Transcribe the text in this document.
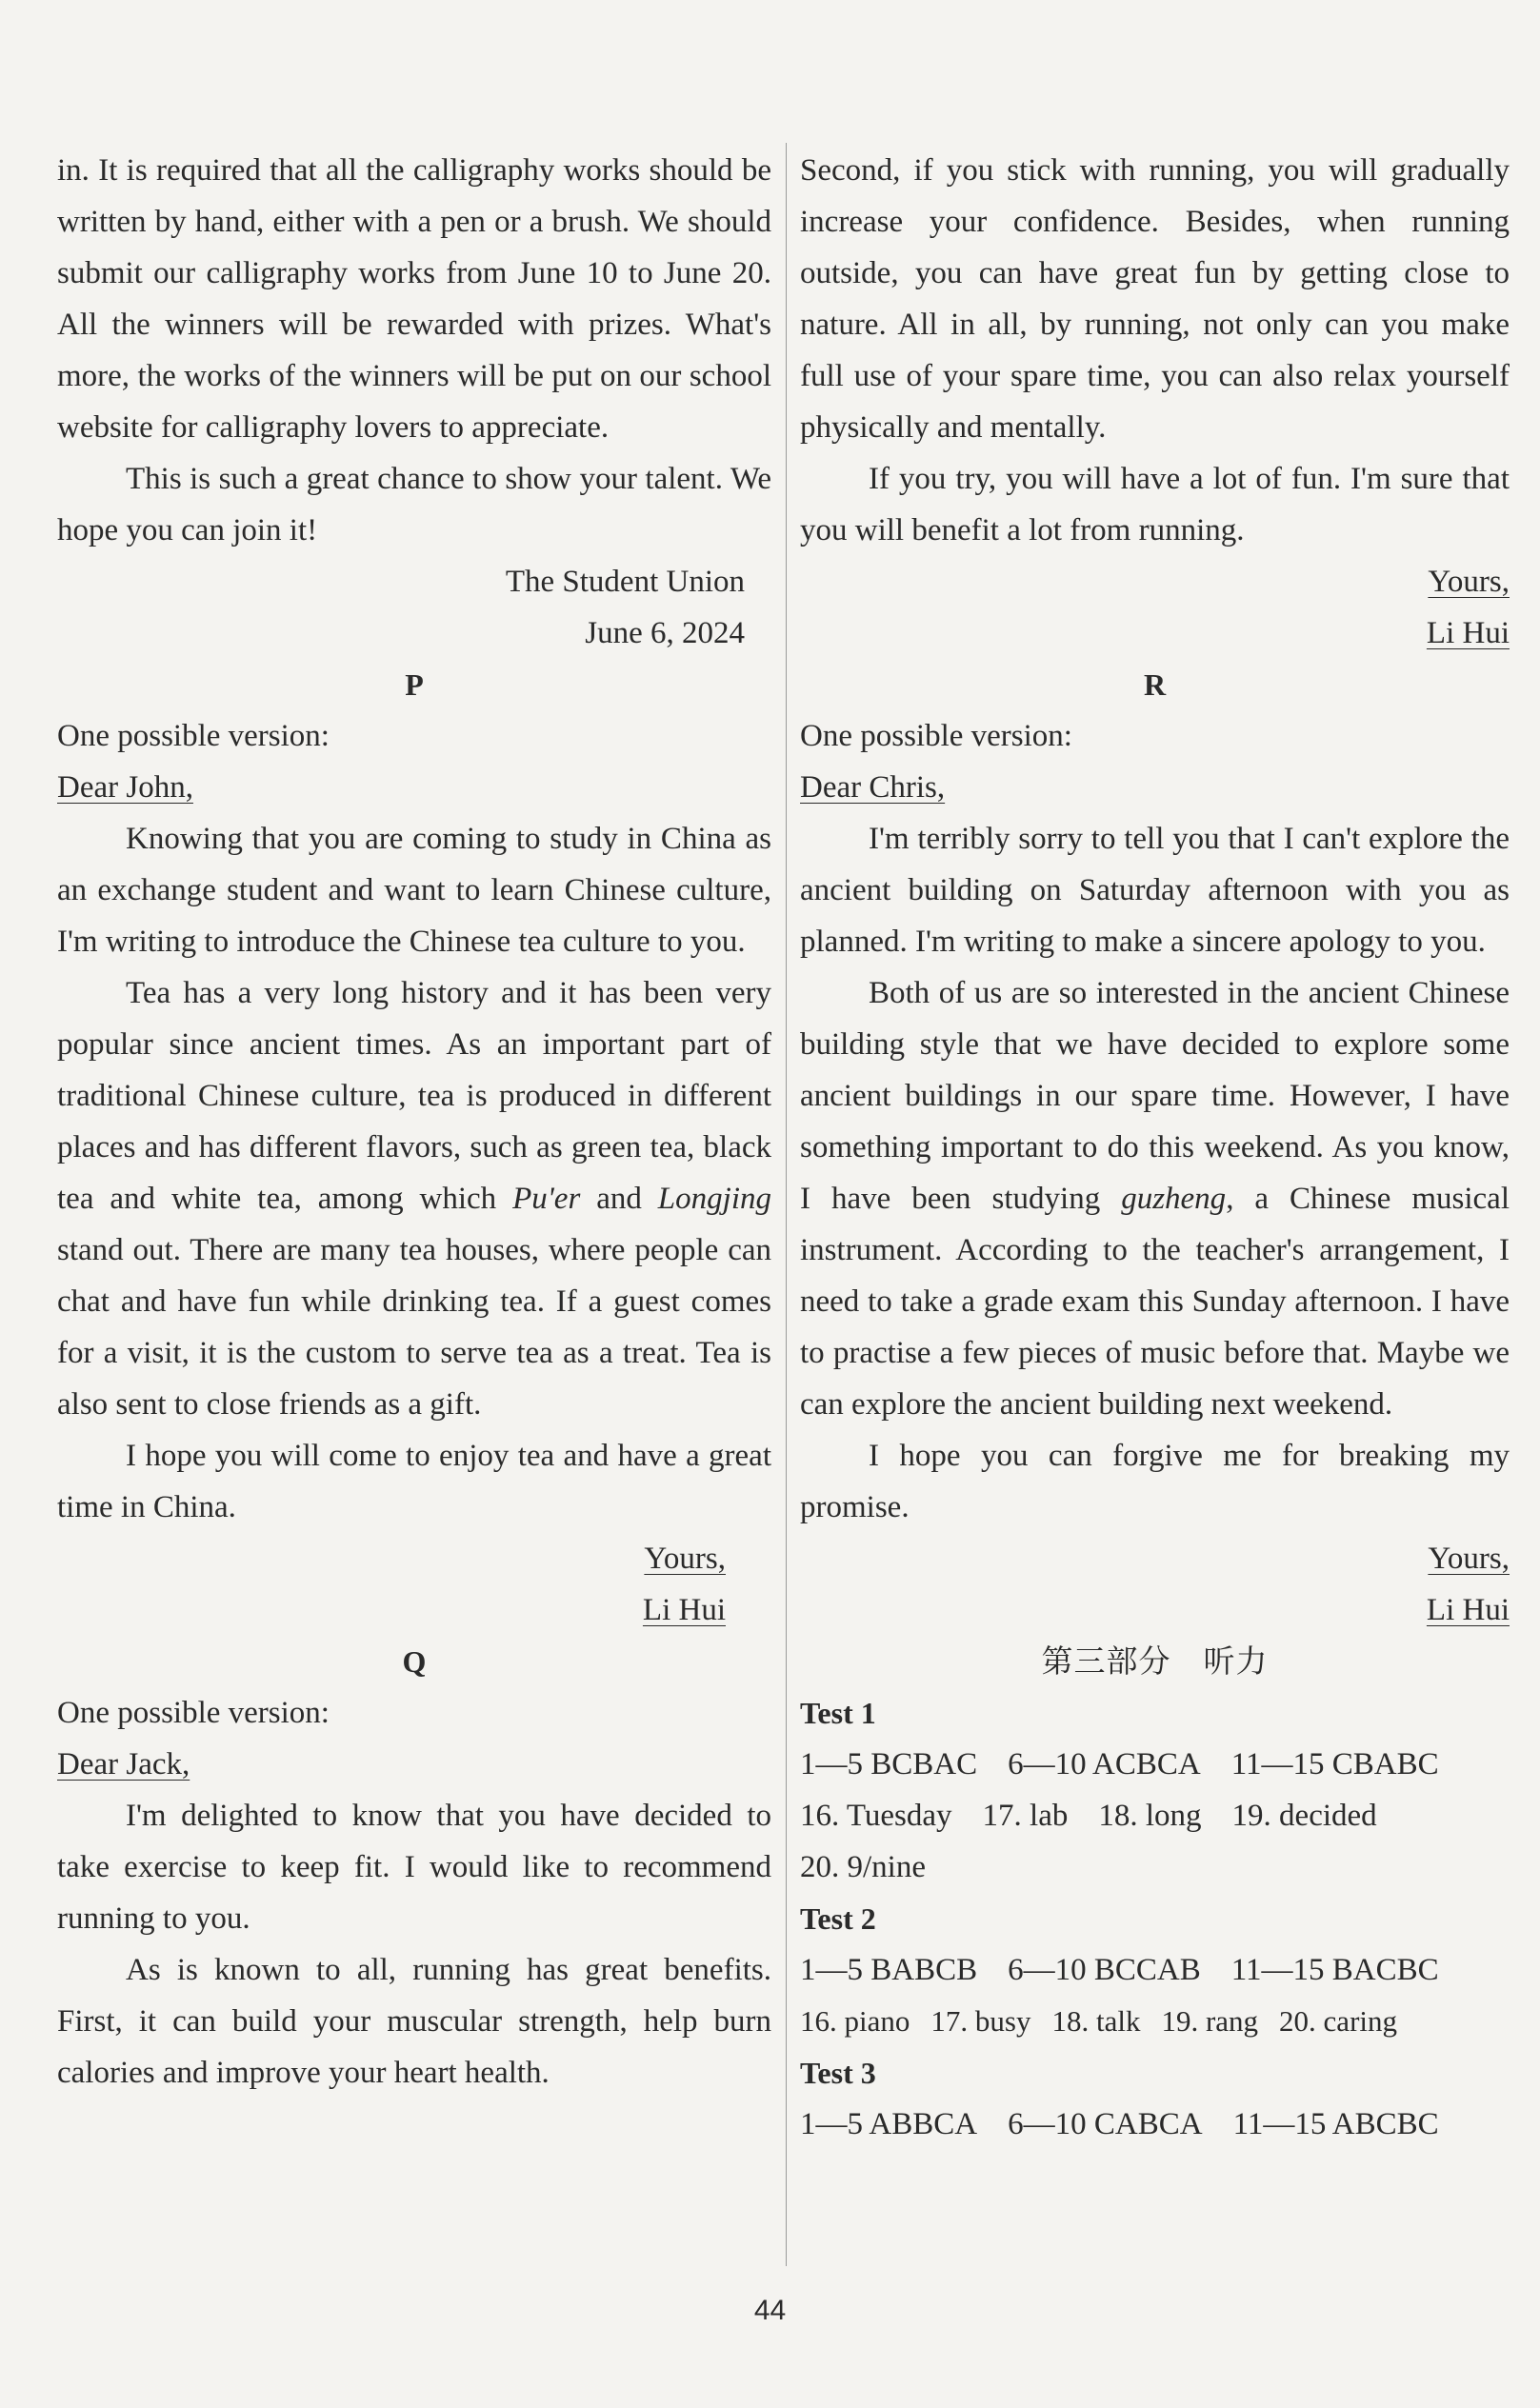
in. It is required that all the calligraphy works should be written by hand, either with a pen or a brush. We should submit our calligraphy works from June 10 to June 20. All the winners will be rewarded with prizes. What's more, the works of the winners will be put on our school website for calligraphy lovers to appreciate.

This is such a great chance to show your talent. We hope you can join it!

The Student Union

June 6, 2024

P

One possible version:

Dear John,

Knowing that you are coming to study in China as an exchange student and want to learn Chinese culture, I'm writing to introduce the Chinese tea culture to you.

Tea has a very long history and it has been very popular since ancient times. As an important part of traditional Chinese culture, tea is produced in different places and has different flavors, such as green tea, black tea and white tea, among which Pu'er and Longjing stand out. There are many tea houses, where people can chat and have fun while drinking tea. If a guest comes for a visit, it is the custom to serve tea as a treat. Tea is also sent to close friends as a gift.

I hope you will come to enjoy tea and have a great time in China.

Yours,

Li Hui

Q

One possible version:

Dear Jack,

I'm delighted to know that you have decided to take exercise to keep fit. I would like to recommend running to you.

As is known to all, running has great benefits. First, it can build your muscular strength, help burn calories and improve your heart health.

Second, if you stick with running, you will gradually increase your confidence. Besides, when running outside, you can have great fun by getting close to nature. All in all, by running, not only can you make full use of your spare time, you can also relax yourself physically and mentally.

If you try, you will have a lot of fun. I'm sure that you will benefit a lot from running.

Yours,

Li Hui

R

One possible version:

Dear Chris,

I'm terribly sorry to tell you that I can't explore the ancient building on Saturday afternoon with you as planned. I'm writing to make a sincere apology to you.

Both of us are so interested in the ancient Chinese building style that we have decided to explore some ancient buildings in our spare time. However, I have something important to do this weekend. As you know, I have been studying guzheng, a Chinese musical instrument. According to the teacher's arrangement, I need to take a grade exam this Sunday afternoon. I have to practise a few pieces of music before that. Maybe we can explore the ancient building next weekend.

I hope you can forgive me for breaking my promise.

Yours,

Li Hui

第三部分　听力

Test 1

1—5 BCBAC 6—10 ACBCA 11—15 CBABC

16. Tuesday 17. lab 18. long 19. decided

20. 9/nine

Test 2

1—5 BABCB 6—10 BCCAB 11—15 BACBC

16. piano 17. busy 18. talk 19. rang 20. caring

Test 3

1—5 ABBCA 6—10 CABCA 11—15 ABCBC

44
